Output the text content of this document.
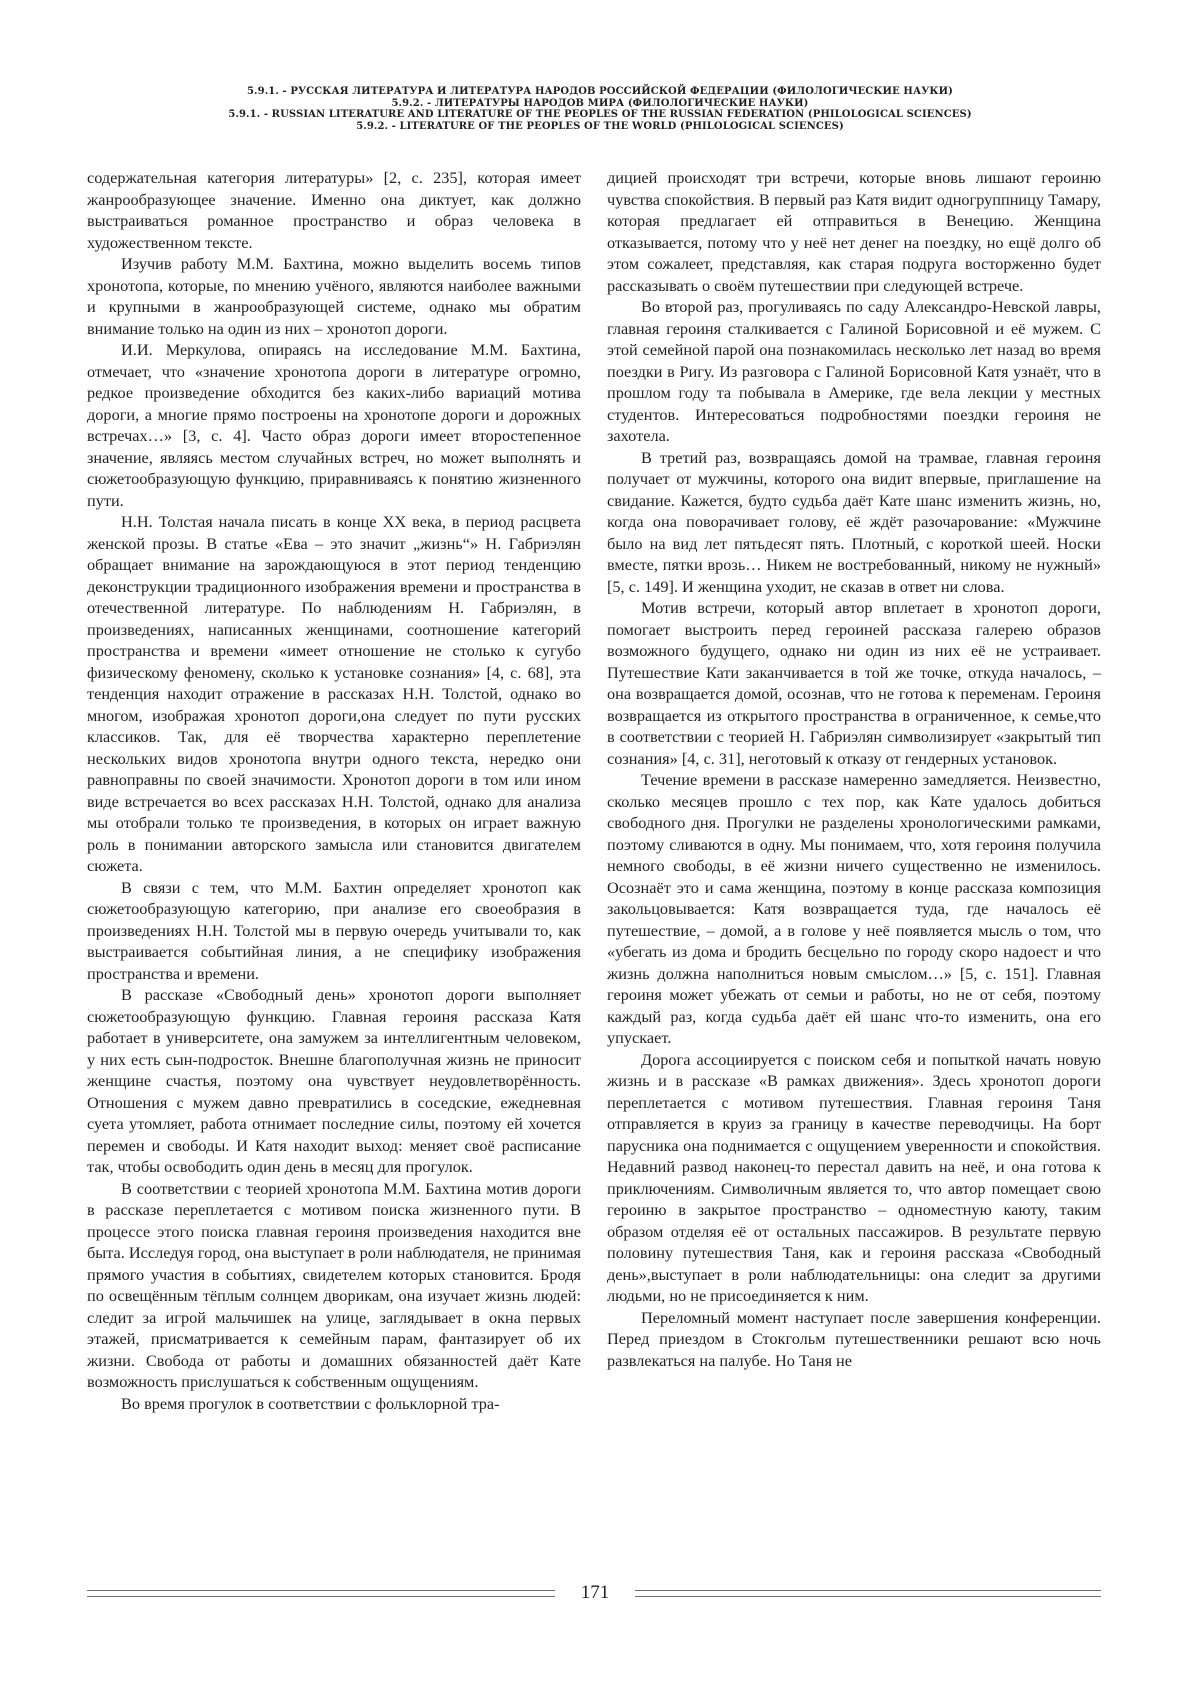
5.9.1. - РУССКАЯ ЛИТЕРАТУРА И ЛИТЕРАТУРА НАРОДОВ РОССИЙСКОЙ ФЕДЕРАЦИИ (ФИЛОЛОГИЧЕСКИЕ НАУКИ)
5.9.2. - ЛИТЕРАТУРЫ НАРОДОВ МИРА (ФИЛОЛОГИЧЕСКИЕ НАУКИ)
5.9.1. - RUSSIAN LITERATURE AND LITERATURE OF THE PEOPLES OF THE RUSSIAN FEDERATION (PHILOLOGICAL SCIENCES)
5.9.2. - LITERATURE OF THE PEOPLES OF THE WORLD (PHILOLOGICAL SCIENCES)

содержательная категория литературы» [2, с. 235], которая имеет жанрообразующее значение. Именно она диктует, как должно выстраиваться романное пространство и образ человека в художественном тексте.

Изучив работу М.М. Бахтина, можно выделить восемь типов хронотопа, которые, по мнению учёного, являются наиболее важными и крупными в жанрообразующей системе, однако мы обратим внимание только на один из них – хронотоп дороги.

И.И. Меркулова, опираясь на исследование М.М. Бахтина, отмечает, что «значение хронотопа дороги в литературе огромно, редкое произведение обходится без каких-либо вариаций мотива дороги, а многие прямо построены на хронотопе дороги и дорожных встречах…» [3, с. 4]. Часто образ дороги имеет второстепенное значение, являясь местом случайных встреч, но может выполнять и сюжетообразующую функцию, приравниваясь к понятию жизненного пути.

Н.Н. Толстая начала писать в конце ХХ века, в период расцвета женской прозы. В статье «Ева – это значит „жизнь“» Н. Габриэлян обращает внимание на зарождающуюся в этот период тенденцию деконструкции традиционного изображения времени и пространства в отечественной литературе. По наблюдениям Н. Габриэлян, в произведениях, написанных женщинами, соотношение категорий пространства и времени «имеет отношение не столько к сугубо физическому феномену, сколько к установке сознания» [4, с. 68], эта тенденция находит отражение в рассказах Н.Н. Толстой, однако во многом, изображая хронотоп дороги,она следует по пути русских классиков. Так, для её творчества характерно переплетение нескольких видов хронотопа внутри одного текста, нередко они равноправны по своей значимости. Хронотоп дороги в том или ином виде встречается во всех рассказах Н.Н. Толстой, однако для анализа мы отобрали только те произведения, в которых он играет важную роль в понимании авторского замысла или становится двигателем сюжета.

В связи с тем, что М.М. Бахтин определяет хронотоп как сюжетообразующую категорию, при анализе его своеобразия в произведениях Н.Н. Толстой мы в первую очередь учитывали то, как выстраивается событийная линия, а не специфику изображения пространства и времени.

В рассказе «Свободный день» хронотоп дороги выполняет сюжетообразующую функцию. Главная героиня рассказа Катя работает в университете, она замужем за интеллигентным человеком, у них есть сын-подросток. Внешне благополучная жизнь не приносит женщине счастья, поэтому она чувствует неудовлетворённость. Отношения с мужем давно превратились в соседские, ежедневная суета утомляет, работа отнимает последние силы, поэтому ей хочется перемен и свободы. И Катя находит выход: меняет своё расписание так, чтобы освободить один день в месяц для прогулок.

В соответствии с теорией хронотопа М.М. Бахтина мотив дороги в рассказе переплетается с мотивом поиска жизненного пути. В процессе этого поиска главная героиня произведения находится вне быта. Исследуя город, она выступает в роли наблюдателя, не принимая прямого участия в событиях, свидетелем которых становится. Бродя по освещённым тёплым солнцем дворикам, она изучает жизнь людей: следит за игрой мальчишек на улице, заглядывает в окна первых этажей, присматривается к семейным парам, фантазирует об их жизни. Свобода от работы и домашних обязанностей даёт Кате возможность прислушаться к собственным ощущениям.

Во время прогулок в соответствии с фольклорной тра-

дицией происходят три встречи, которые вновь лишают героиню чувства спокойствия. В первый раз Катя видит одногруппницу Тамару, которая предлагает ей отправиться в Венецию. Женщина отказывается, потому что у неё нет денег на поездку, но ещё долго об этом сожалеет, представляя, как старая подруга восторженно будет рассказывать о своём путешествии при следующей встрече.

Во второй раз, прогуливаясь по саду Александро-Невской лавры, главная героиня сталкивается с Галиной Борисовной и её мужем. С этой семейной парой она познакомилась несколько лет назад во время поездки в Ригу. Из разговора с Галиной Борисовной Катя узнаёт, что в прошлом году та побывала в Америке, где вела лекции у местных студентов. Интересоваться подробностями поездки героиня не захотела.

В третий раз, возвращаясь домой на трамвае, главная героиня получает от мужчины, которого она видит впервые, приглашение на свидание. Кажется, будто судьба даёт Кате шанс изменить жизнь, но, когда она поворачивает голову, её ждёт разочарование: «Мужчине было на вид лет пятьдесят пять. Плотный, с короткой шеей. Носки вместе, пятки врозь… Никем не востребованный, никому не нужный» [5, с. 149]. И женщина уходит, не сказав в ответ ни слова.

Мотив встречи, который автор вплетает в хронотоп дороги, помогает выстроить перед героиней рассказа галерею образов возможного будущего, однако ни один из них её не устраивает. Путешествие Кати заканчивается в той же точке, откуда началось, – она возвращается домой, осознав, что не готова к переменам. Героиня возвращается из открытого пространства в ограниченное, к семье,что в соответствии с теорией Н. Габриэлян символизирует «закрытый тип сознания» [4, с. 31], неготовый к отказу от гендерных установок.

Течение времени в рассказе намеренно замедляется. Неизвестно, сколько месяцев прошло с тех пор, как Кате удалось добиться свободного дня. Прогулки не разделены хронологическими рамками, поэтому сливаются в одну. Мы понимаем, что, хотя героиня получила немного свободы, в её жизни ничего существенно не изменилось. Осознаёт это и сама женщина, поэтому в конце рассказа композиция закольцовывается: Катя возвращается туда, где началось её путешествие, – домой, а в голове у неё появляется мысль о том, что «убегать из дома и бродить бесцельно по городу скоро надоест и что жизнь должна наполниться новым смыслом…» [5, с. 151]. Главная героиня может убежать от семьи и работы, но не от себя, поэтому каждый раз, когда судьба даёт ей шанс что-то изменить, она его упускает.

Дорога ассоциируется с поиском себя и попыткой начать новую жизнь и в рассказе «В рамках движения». Здесь хронотоп дороги переплетается с мотивом путешествия. Главная героиня Таня отправляется в круиз за границу в качестве переводчицы. На борт парусника она поднимается с ощущением уверенности и спокойствия. Недавний развод наконец-то перестал давить на неё, и она готова к приключениям. Символичным является то, что автор помещает свою героиню в закрытое пространство – одноместную каюту, таким образом отделяя её от остальных пассажиров. В результате первую половину путешествия Таня, как и героиня рассказа «Свободный день»,выступает в роли наблюдательницы: она следит за другими людьми, но не присоединяется к ним.

Переломный момент наступает после завершения конференции. Перед приездом в Стокгольм путешественники решают всю ночь развлекаться на палубе. Но Таня не

171
